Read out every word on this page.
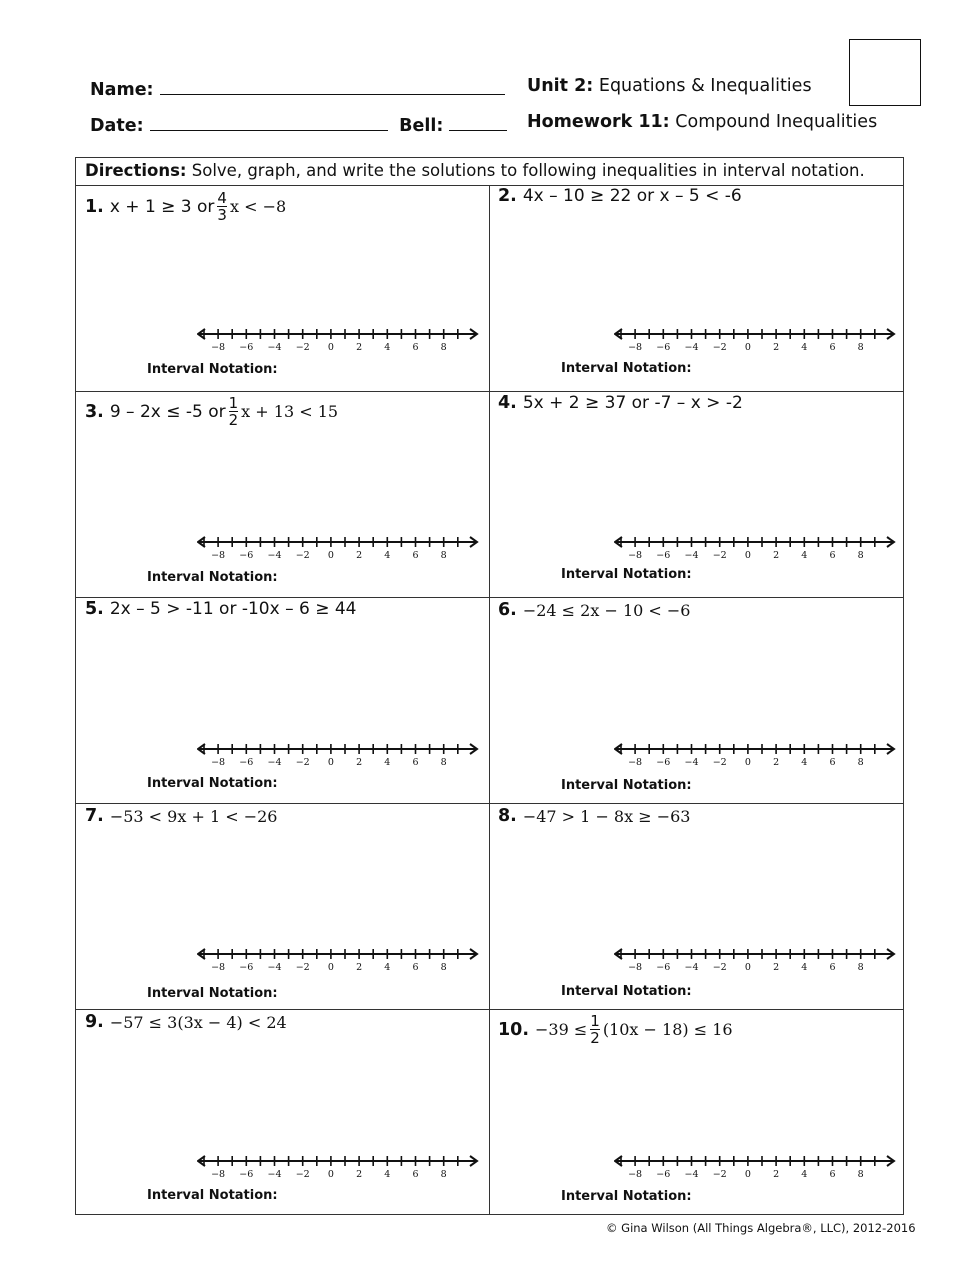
Name:
Date:	Bell:
Unit 2: Equations & Inequalities
Homework 11: Compound Inequalities
Directions: Solve, graph, and write the solutions to following inequalities in interval notation.
1. x + 1 ≥ 3 or $\frac{4}{3}$ x < −8
2. 4x – 10 ≥ 22 or x – 5 < -6
3. 9 – 2x ≤ -5 or $\frac{1}{2}$ x + 13 < 15	4. 5x + 2 ≥ 37 or -7 – x > -2
5. 2x – 5 > -11 or -10x – 6 ≥ 44	6. −24 ≤ 2x − 10 < −6
7. −53 < 9x + 1 < −26	8. −47 > 1 − 8x ≥ −63
9. −57 ≤ 3(3x − 4) < 24	10. $-39 \le \frac{1}{2} (10x - 18) \le 16$
−8 −6 −4 −2 0 2 4 6 8	−8 −6 −4 −2 0 2 4 6 8
−8 −6 −4 −2 0 2 4 6 8	−8 −6 −4 −2 0 2 4 6 8
−8 −6 −4 −2 0 2 4 6 8	−8 −6 −4 −2 0 2 4 6 8
−8 −6 −4 −2 0 2 4 6 8	−8 −6 −4 −2 0 2 4 6 8
−8 −6 −4 −2 0 2 4 6 8	−8 −6 −4 −2 0 2 4 6 8
Interval Notation:	Interval Notation:
Interval Notation:	Interval Notation:
Interval Notation:	Interval Notation:
Interval Notation:	Interval Notation:
Interval Notation:	Interval Notation:
© Gina Wilson (All Things Algebra®, LLC), 2012-2016
